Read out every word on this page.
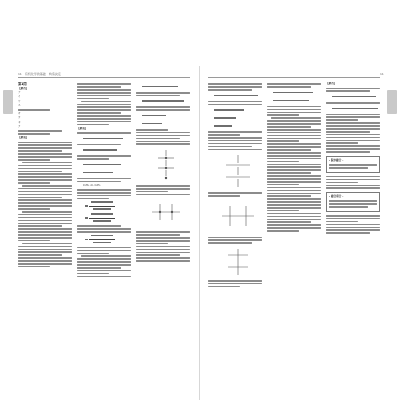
11　有机化学的基础　构造決定	11
第1問
【解答】
ア
イ
ウ
エ
オ
カ
キ
ク
【解説】
【解説】
C₂H₅ -O- C₂H₅
【解答】
- 脱水縮合 -
- 縮合重合 -
